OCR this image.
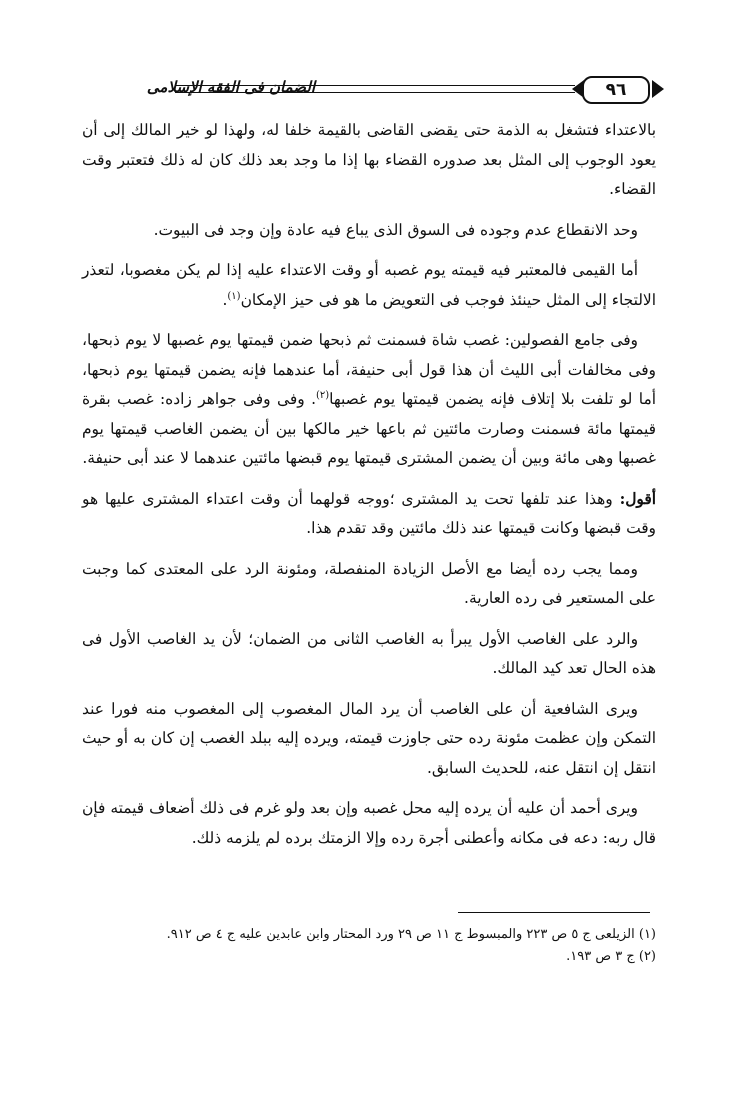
الضمان فى الفقه الإسلامى	٩٦

بالاعتداء فتشغل به الذمة حتى يقضى القاضى بالقيمة خلفا له، ولهذا لو خير المالك إلى أن يعود الوجوب إلى المثل بعد صدوره القضاء بها إذا ما وجد بعد ذلك كان له ذلك فتعتبر وقت القضاء.

وحد الانقطاع عدم وجوده فى السوق الذى يباع فيه عادة وإن وجد فى البيوت.

أما القيمى فالمعتبر فيه قيمته يوم غصبه أو وقت الاعتداء عليه إذا لم يكن مغصوبا، لتعذر الالتجاء إلى المثل حينئذ فوجب فى التعويض ما هو فى حيز الإمكان$^{(١)}$.

وفى جامع الفصولين: غصب شاة فسمنت ثم ذبحها ضمن قيمتها يوم غصبها لا يوم ذبحها، وفى مخالفات أبى الليث أن هذا قول أبى حنيفة، أما عندهما فإنه يضمن قيمتها يوم ذبحها، أما لو تلفت بلا إتلاف فإنه يضمن قيمتها يوم غصبها$^{(٢)}$. وفى وفى جواهر زاده: غصب بقرة قيمتها مائة فسمنت وصارت مائتين ثم باعها خير مالكها بين أن يضمن الغاصب قيمتها يوم غصبها وهى مائة وبين أن يضمن المشترى قيمتها يوم قبضها مائتين عندهما لا عند أبى حنيفة.

أقول: وهذا عند تلفها تحت يد المشترى ؛ووجه قولهما أن وقت اعتداء المشترى عليها هو وقت قبضها وكانت قيمتها عند ذلك مائتين وقد تقدم هذا.

ومما يجب رده أيضا مع الأصل الزيادة المنفصلة، ومئونة الرد على المعتدى كما وجبت على المستعير فى رده العارية.

والرد على الغاصب الأول يبرأ به الغاصب الثانى من الضمان؛ لأن يد الغاصب الأول فى هذه الحال تعد كيد المالك.

ويرى الشافعية أن على الغاصب أن يرد المال المغصوب إلى المغصوب منه فورا عند التمكن وإن عظمت مئونة رده حتى جاوزت قيمته، ويرده إليه ببلد الغصب إن كان به أو حيث انتقل إن انتقل عنه، للحديث السابق.

ويرى أحمد أن عليه أن يرده إليه محل غصبه وإن بعد ولو غرم فى ذلك أضعاف قيمته فإن قال ربه: دعه فى مكانه وأعطنى أجرة رده وإلا الزمتك برده لم يلزمه ذلك.

(١) الزيلعى ج ٥ ص ٢٢٣ والمبسوط ج ١١ ص ٢٩ ورد المحتار وابن عابدين عليه ج ٤ ص ٩١٢.

(٢) ج ٣ ص ١٩٣.
